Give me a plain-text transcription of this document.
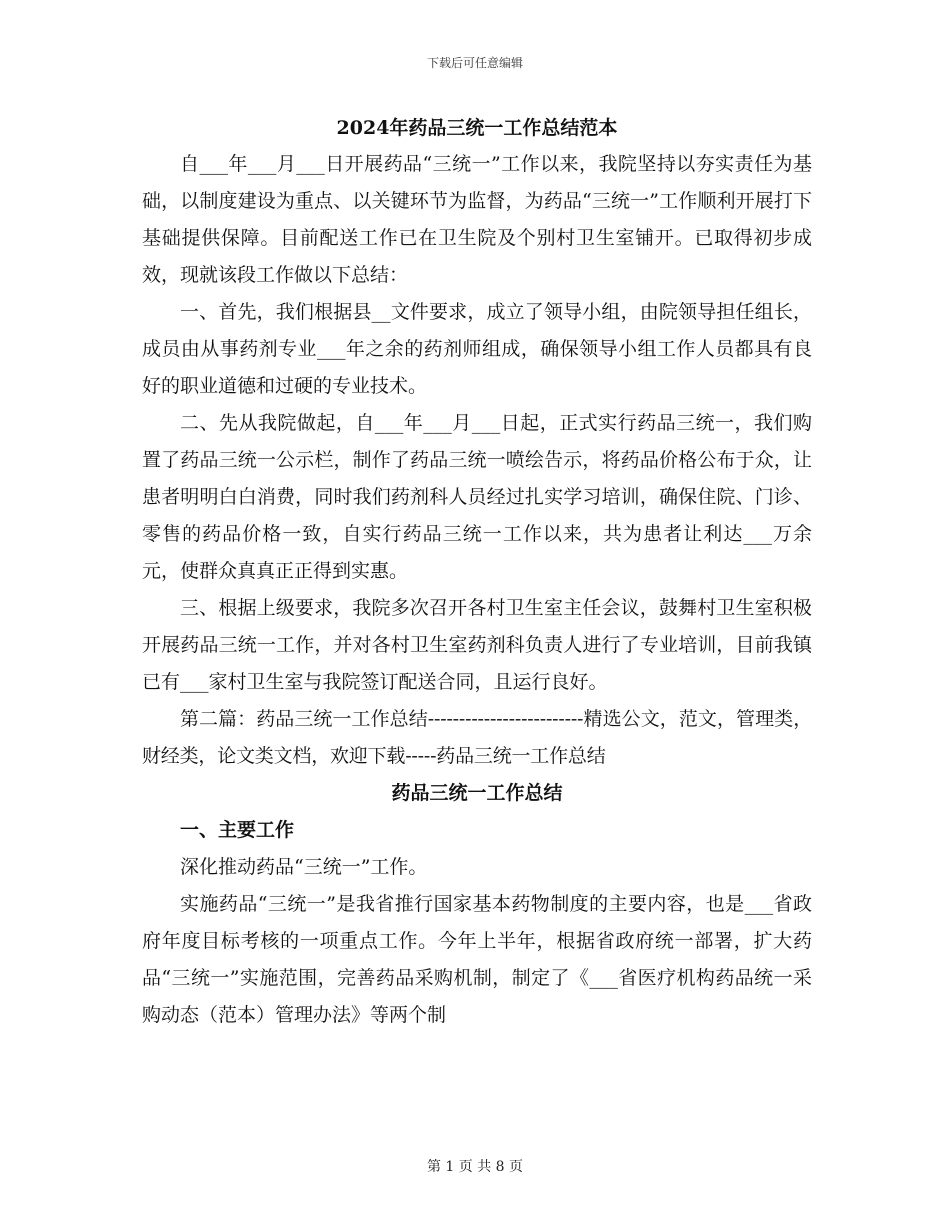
下载后可任意编辑
2024年药品三统一工作总结范本

自___年___月___日开展药品“三统一”工作以来，我院坚持以夯实责任为基础，以制度建设为重点、以关键环节为监督，为药品“三统一”工作顺利开展打下基础提供保障。目前配送工作已在卫生院及个别村卫生室铺开。已取得初步成效，现就该段工作做以下总结：

一、首先，我们根据县__文件要求，成立了领导小组，由院领导担任组长，成员由从事药剂专业___年之余的药剂师组成，确保领导小组工作人员都具有良好的职业道德和过硬的专业技术。

二、先从我院做起，自___年___月___日起，正式实行药品三统一，我们购置了药品三统一公示栏，制作了药品三统一喷绘告示，将药品价格公布于众，让患者明明白白消费，同时我们药剂科人员经过扎实学习培训，确保住院、门诊、零售的药品价格一致，自实行药品三统一工作以来，共为患者让利达___万余元，使群众真真正正得到实惠。

三、根据上级要求，我院多次召开各村卫生室主任会议，鼓舞村卫生室积极开展药品三统一工作，并对各村卫生室药剂科负责人进行了专业培训，目前我镇已有___家村卫生室与我院签订配送合同，且运行良好。

第二篇：药品三统一工作总结-------------------------精选公文，范文，管理类，财经类，论文类文档，欢迎下载-----药品三统一工作总结

药品三统一工作总结
一、主要工作

深化推动药品“三统一”工作。

实施药品“三统一”是我省推行国家基本药物制度的主要内容，也是___省政府年度目标考核的一项重点工作。今年上半年，根据省政府统一部署，扩大药品“三统一”实施范围，完善药品采购机制，制定了《___省医疗机构药品统一采购动态（范本）管理办法》等两个制

第 1 页 共 8 页
